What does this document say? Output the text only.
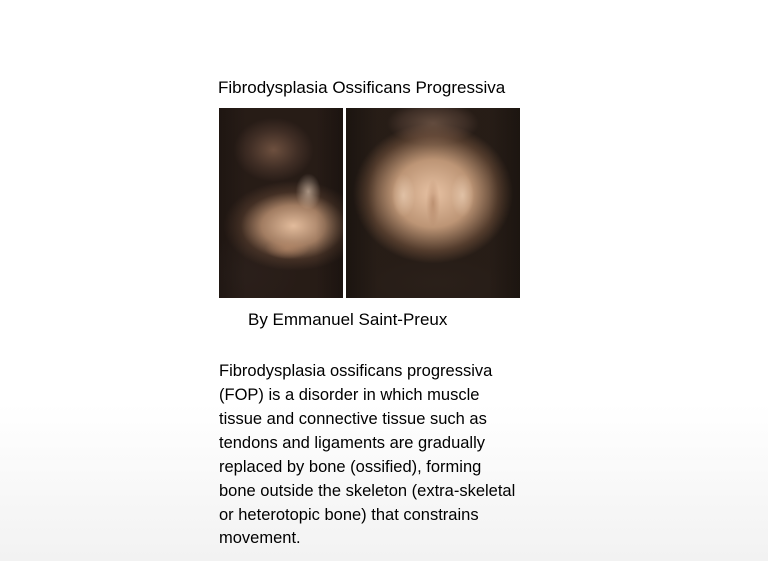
Fibrodysplasia Ossificans Progressiva
By Emmanuel Saint-Preux
Fibrodysplasia ossificans progressiva (FOP) is a disorder in which muscle tissue and connective tissue such as tendons and ligaments are gradually replaced by bone (ossified), forming bone outside the skeleton (extra-skeletal or heterotopic bone) that constrains movement.
